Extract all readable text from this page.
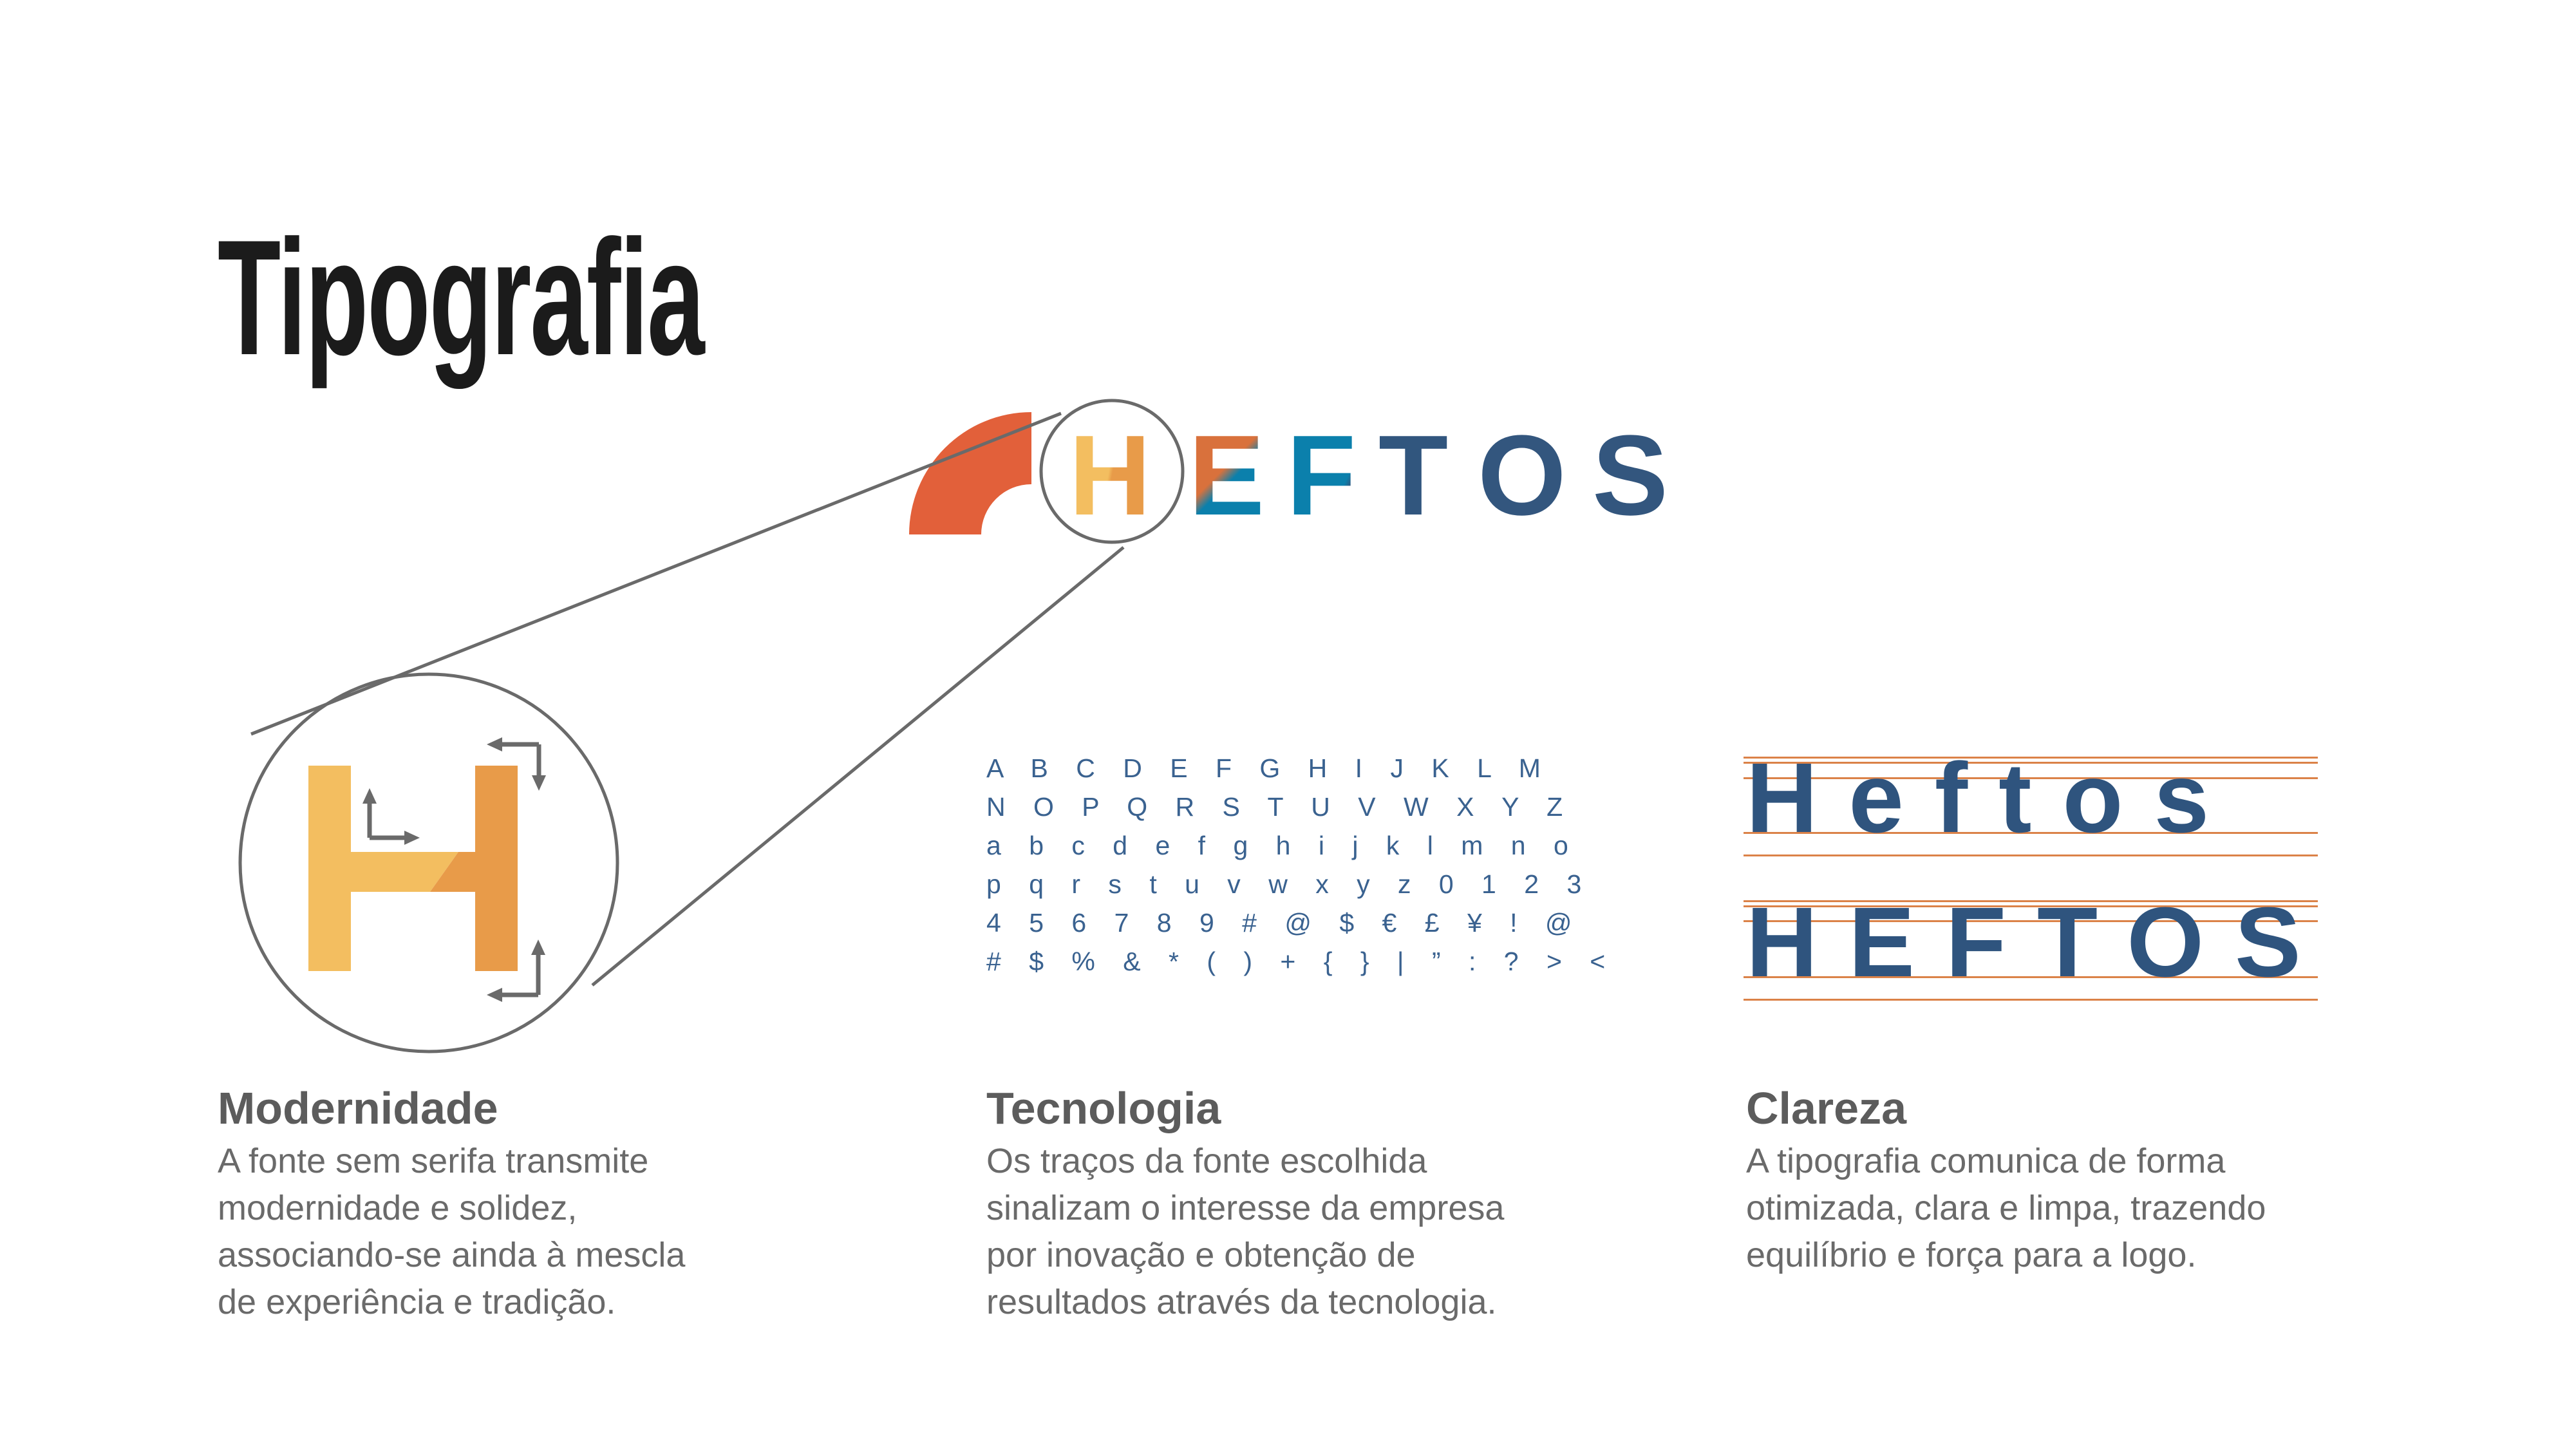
Tipografia
H E F T O S
A B C D E F G H I J K L M
N O P Q R S T U V W X Y Z
a b c d e f g h i j k l m n o
p q r s t u v w x y z 0 1 2 3
4 5 6 7 8 9 # @ $ € £ ¥ ! @
# $ % & * ( ) + { } | ” : ? > <
Heftos
HEFTOS
Modernidade
A fonte sem serifa transmite
modernidade e solidez,
associando-se ainda à mescla
de experiência e tradição.
Tecnologia
Os traços da fonte escolhida
sinalizam o interesse da empresa
por inovação e obtenção de
resultados através da tecnologia.
Clareza
A tipografia comunica de forma
otimizada, clara e limpa, trazendo
equilíbrio e força para a logo.
